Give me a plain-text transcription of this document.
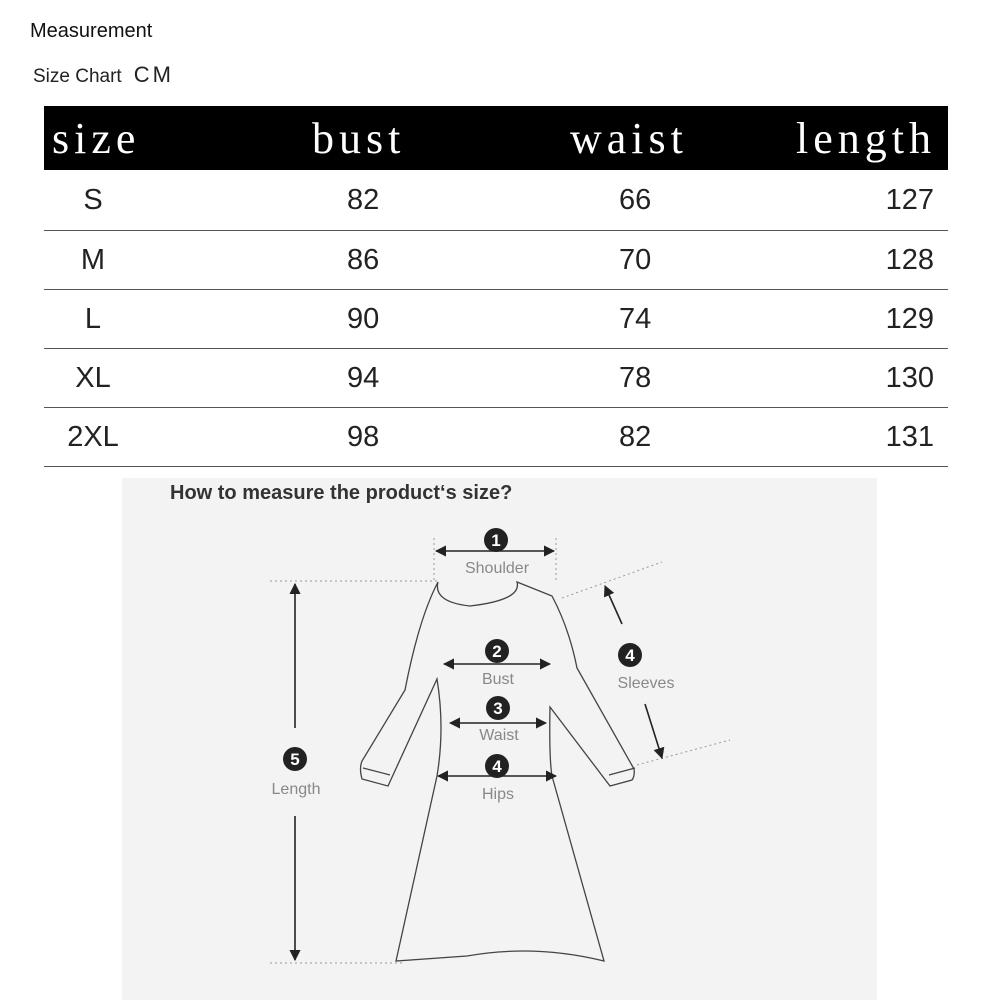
Measurement
Size Chart CM
size	bust	waist	length
S	82	66	127
M	86	70	128
L	90	74	129
XL	94	78	130
2XL	98	82	131
1
Shoulder
2
Bust
3
Waist
4
Hips
4
Sleeves
5
Length
How to measure the product‘s size?
